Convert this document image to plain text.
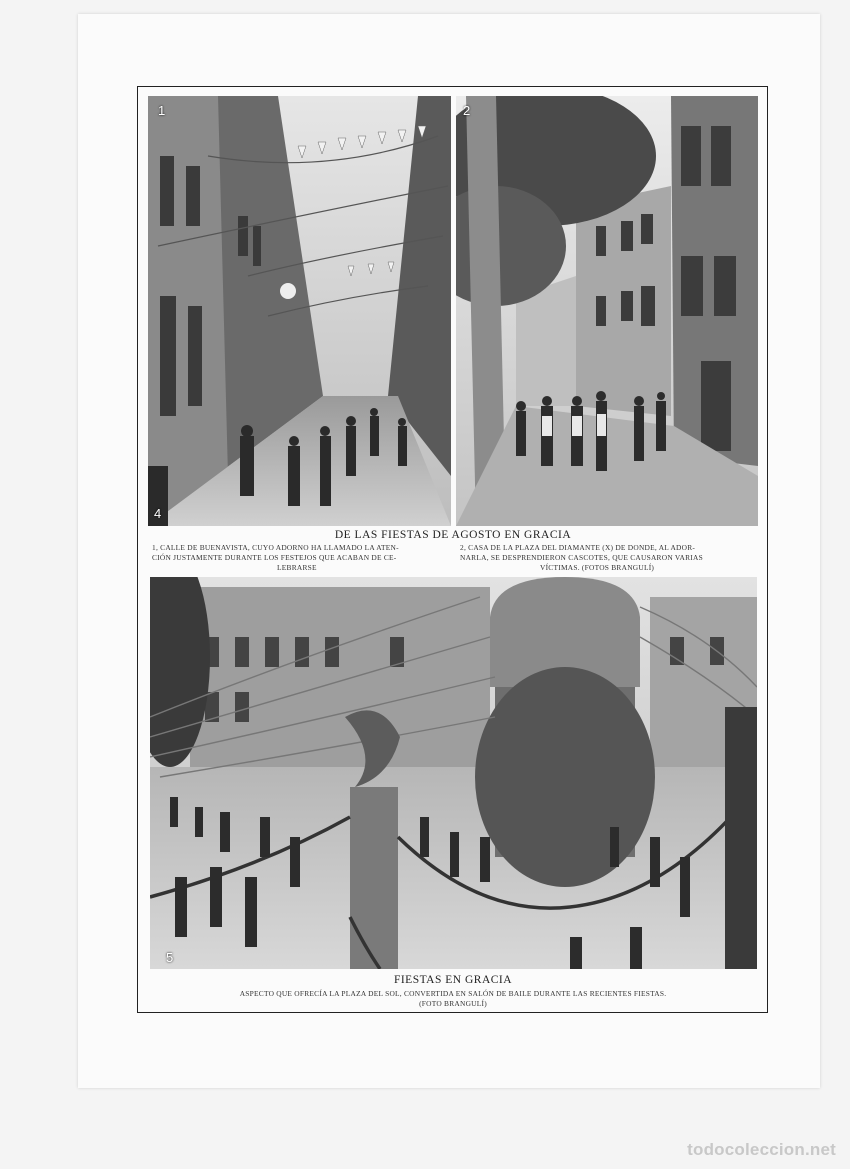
1
4
2
DE LAS FIESTAS DE AGOSTO EN GRACIA
1, CALLE DE BUENAVISTA, CUYO ADORNO HA LLAMADO LA ATEN-
CIÓN JUSTAMENTE DURANTE LOS FESTEJOS QUE ACABAN DE CE-
LEBRARSE
2, CASA DE LA PLAZA DEL DIAMANTE (X) DE DONDE, AL ADOR-
NARLA, SE DESPRENDIERON CASCOTES, QUE CAUSARON VARIAS
VÍCTIMAS. (FOTOS BRANGULÍ)
5
FIESTAS EN GRACIA
ASPECTO QUE OFRECÍA LA PLAZA DEL SOL, CONVERTIDA EN SALÓN DE BAILE DURANTE LAS RECIENTES FIESTAS.
(FOTO BRANGULÍ)
todocoleccion.net
